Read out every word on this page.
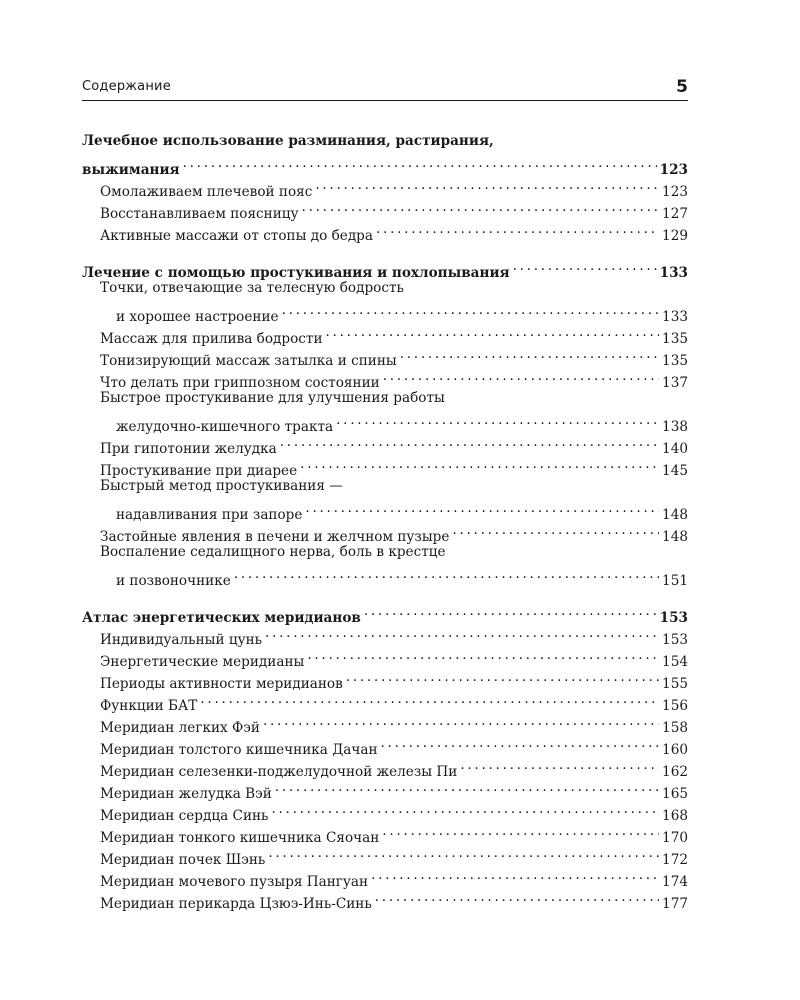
Содержание	5
Лечебное использование разминания, растирания,
выжимания . . .	123
Омолаживаем плечевой пояс . . .	123
Восстанавливаем поясницу . . .	127
Активные массажи от стопы до бедра . . .	129
Лечение с помощью простукивания и похлопывания . . .	133
Точки, отвечающие за телесную бодрость
и хорошее настроение . . .	133
Массаж для прилива бодрости . . .	135
Тонизирующий массаж затылка и спины . . .	135
Что делать при гриппозном состоянии . . .	137
Быстрое простукивание для улучшения работы
желудочно-кишечного тракта . . .	138
При гипотонии желудка . . .	140
Простукивание при диарее . . .	145
Быстрый метод простукивания —
надавливания при запоре . . .	148
Застойные явления в печени и желчном пузыре . . .	148
Воспаление седалищного нерва, боль в крестце
и позвоночнике . . .	151
Атлас энергетических меридианов . . .	153
Индивидуальный цунь . . .	153
Энергетические меридианы . . .	154
Периоды активности меридианов . . .	155
Функции БАТ . . .	156
Меридиан легких Фэй . . .	158
Меридиан толстого кишечника Дачан . . .	160
Меридиан селезенки-поджелудочной железы Пи . . .	162
Меридиан желудка Вэй . . .	165
Меридиан сердца Синь . . .	168
Меридиан тонкого кишечника Сяочан . . .	170
Меридиан почек Шэнь . . .	172
Меридиан мочевого пузыря Пангуан . . .	174
Меридиан перикарда Цзюэ-Инь-Синь . . .	177
